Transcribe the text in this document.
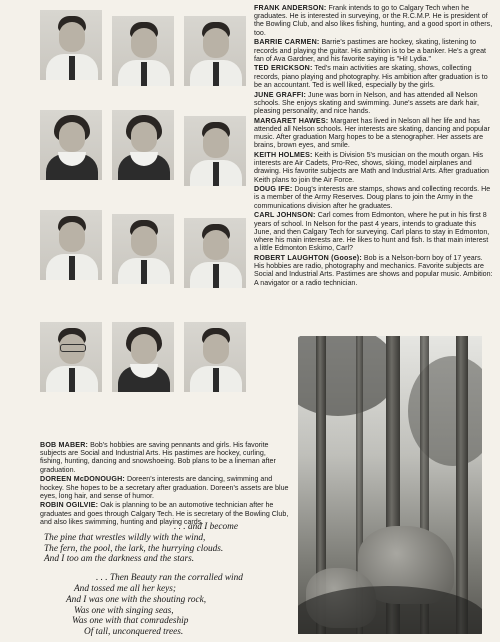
FRANK ANDERSON: Frank intends to go to Calgary Tech when he graduates. He is interested in surveying, or the R.C.M.P. He is president of the Bowling Club, and also likes fishing, hunting, and a good sport in others, too.

BARRIE CARMEN: Barrie's pastimes are hockey, skating, listening to records and playing the guitar. His ambition is to be a banker. He's a great fan of Ava Gardner, and his favorite saying is "Hi! Lydia."

TED ERICKSON: Ted's main activities are skating, shows, collecting records, piano playing and photography. His ambition after graduation is to be an accountant. Ted is well liked, especially by the girls.

JUNE GRAFFI: June was born in Nelson, and has attended all Nelson schools. She enjoys skating and swimming. June's assets are dark hair, pleasing personality, and nice hands.

MARGARET HAWES: Margaret has lived in Nelson all her life and has attended all Nelson schools. Her interests are skating, dancing and popular music. After graduation Marg hopes to be a stenographer. Her assets are brains, brown eyes, and smile.

KEITH HOLMES: Keith is Division 5's musician on the mouth organ. His interests are Air Cadets, Pro-Rec, shows, skiing, model airplanes and drawing. His favorite subjects are Math and Industrial Arts. After graduation Keith plans to join the Air Force.

DOUG IFE: Doug's interests are stamps, shows and collecting records. He is a member of the Army Reserves. Doug plans to join the Army in the communications division after he graduates.

CARL JOHNSON: Carl comes from Edmonton, where he put in his first 8 years of school. In Nelson for the past 4 years, intends to graduate this June, and then Calgary Tech for surveying. Carl plans to stay in Edmonton, where his main interests are. He likes to hunt and fish. Is that main interest a little Edmonton Eskimo, Carl?

ROBERT LAUGHTON (Goose): Bob is a Nelson-born boy of 17 years. His hobbies are radio, photography and mechanics. Favorite subjects are Social and Industrial Arts. Pastimes are shows and popular music. Ambition: A navigator or a radio technician.

BOB MABER: Bob's hobbies are saving pennants and girls. His favorite subjects are Social and Industrial Arts. His pastimes are hockey, curling, fishing, hunting, dancing and snowshoeing. Bob plans to be a lineman after graduation.

DOREEN McDONOUGH: Doreen's interests are dancing, swimming and hockey. She hopes to be a secretary after graduation. Doreen's assets are blue eyes, long hair, and sense of humor.

ROBIN OGILVIE: Oak is planning to be an automotive technician after he graduates and goes through Calgary Tech. He is secretary of the Bowling Club, and also likes swimming, hunting and playing cards.

. . . and I become
The pine that wrestles wildly with the wind,
The fern, the pool, the lark, the hurrying clouds.
And I too am the darkness and the stars.
. . . Then Beauty ran the corralled wind
And tossed me all her keys;
And I was one with the shouting rock,
Was one with singing seas,
Was one with that comradeship
Of tall, unconquered trees.
